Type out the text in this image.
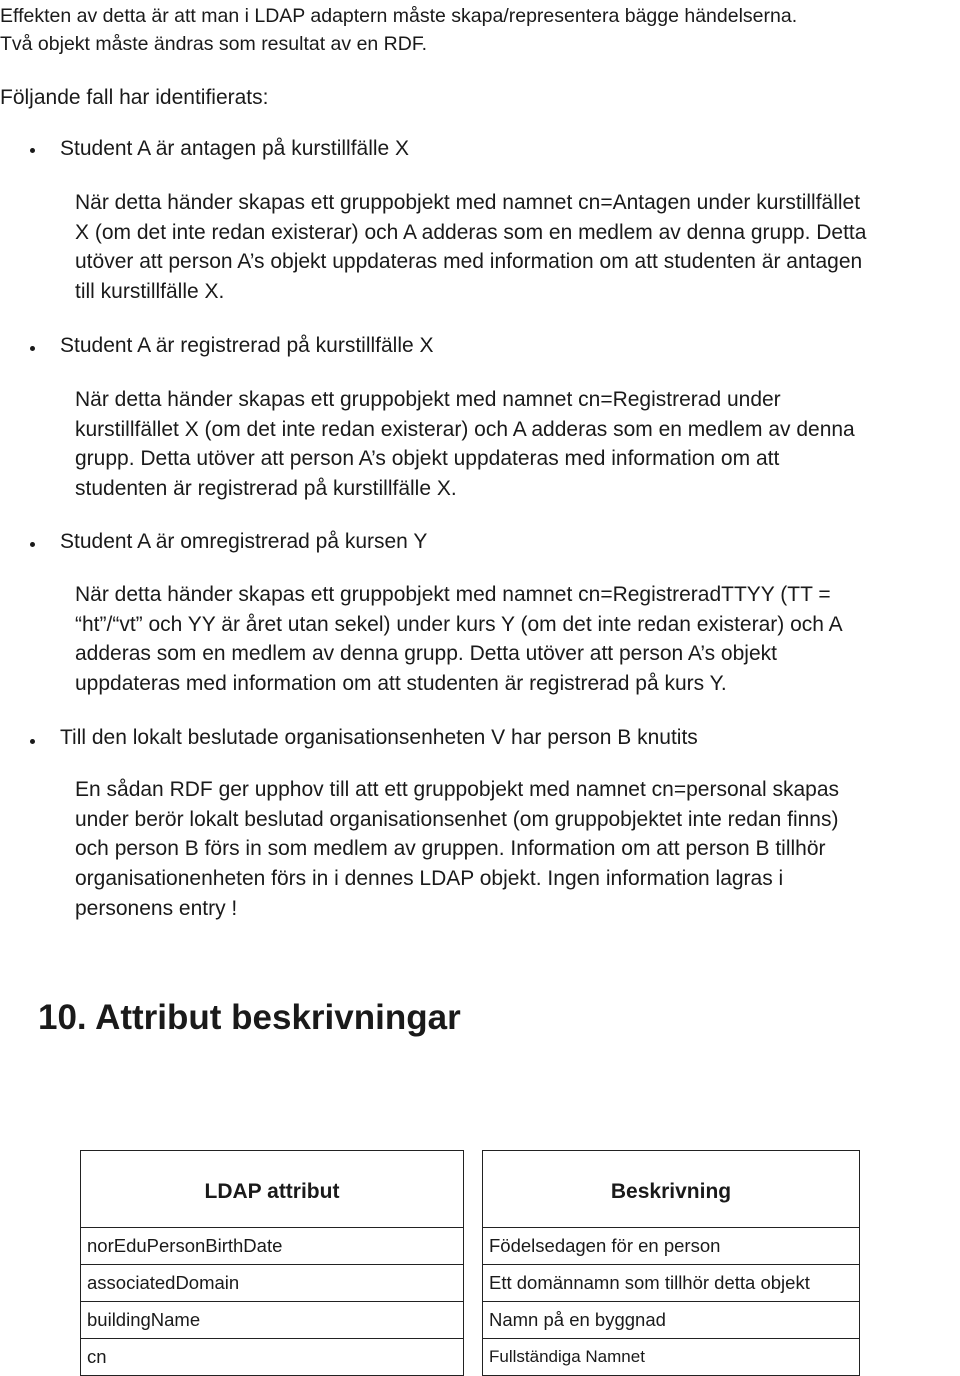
Effekten av detta är att man i LDAP adaptern måste skapa/representera bägge händelserna.
Två objekt måste ändras som resultat av en RDF.
Följande fall har identifierats:
Student A är antagen på kurstillfälle X
När detta händer skapas ett gruppobjekt med namnet cn=Antagen under kurstillfället
X (om det inte redan existerar) och A adderas som en medlem av denna grupp. Detta
utöver att person A’s objekt uppdateras med information om att studenten är antagen
till kurstillfälle X.
Student A är registrerad på kurstillfälle X
När detta händer skapas ett gruppobjekt med namnet cn=Registrerad under
kurstillfället X (om det inte redan existerar) och A adderas som en medlem av denna
grupp. Detta utöver att person A’s objekt uppdateras med information om att
studenten är registrerad på kurstillfälle X.
Student A är omregistrerad på kursen Y
När detta händer skapas ett gruppobjekt med namnet cn=RegistreradTTYY (TT =
“ht”/“vt” och YY är året utan sekel) under kurs Y (om det inte redan existerar) och A
adderas som en medlem av denna grupp. Detta utöver att person A’s objekt
uppdateras med information om att studenten är registrerad på kurs Y.
Till den lokalt beslutade organisationsenheten V har person B knutits
En sådan RDF ger upphov till att ett gruppobjekt med namnet cn=personal skapas
under berör lokalt beslutad organisationsenhet (om gruppobjektet inte redan finns)
och person B förs in som medlem av gruppen. Information om att person B tillhör
organisationenheten förs in i dennes LDAP objekt. Ingen information lagras i
personens entry !
10. Attribut beskrivningar
LDAP attribut		Beskrivning
norEduPersonBirthDate		Födelsedagen för en person
associatedDomain		Ett domännamn som tillhör detta objekt
buildingName		Namn på en byggnad
cn		Fullständiga Namnet
